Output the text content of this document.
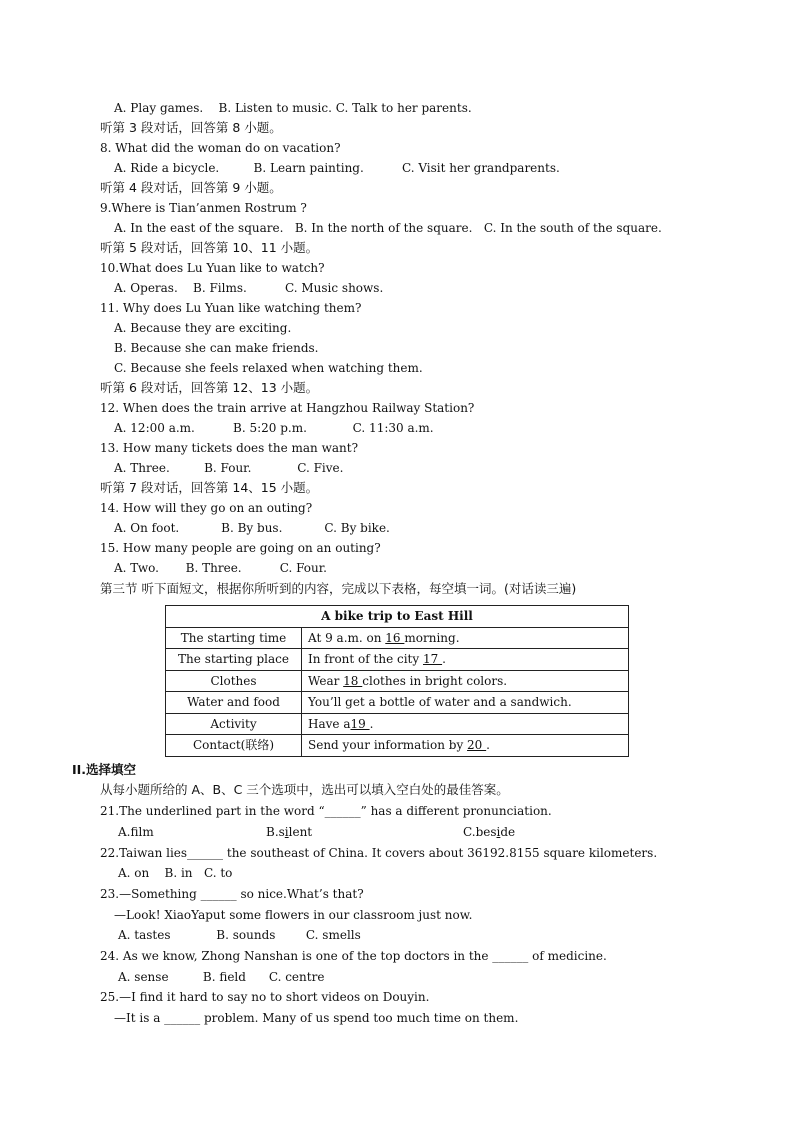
A. Play games.    B. Listen to music. C. Talk to her parents.
听第 3 段对话，回答第 8 小题。
8. What did the woman do on vacation?
A. Ride a bicycle.         B. Learn painting.          C. Visit her grandparents.
听第 4 段对话，回答第 9 小题。
9.Where is Tian’anmen Rostrum ?
A. In the east of the square.   B. In the north of the square.   C. In the south of the square.
听第 5 段对话，回答第 10、11 小题。
10.What does Lu Yuan like to watch?
A. Operas.    B. Films.          C. Music shows.
11. Why does Lu Yuan like watching them?
A. Because they are exciting.
B. Because she can make friends.
C. Because she feels relaxed when watching them.
听第 6 段对话，回答第 12、13 小题。
12. When does the train arrive at Hangzhou Railway Station?
A. 12:00 a.m.          B. 5:20 p.m.            C. 11:30 a.m.
13. How many tickets does the man want?
A. Three.         B. Four.            C. Five.
听第 7 段对话，回答第 14、15 小题。
14. How will they go on an outing?
A. On foot.           B. By bus.           C. By bike.
15. How many people are going on an outing?
A. Two.       B. Three.          C. Four.
第三节 听下面短文，根据你所听到的内容，完成以下表格，每空填一词。(对话读三遍)
A bike trip to East Hill	
The starting time	At 9 a.m. on 16 morning.
The starting place	In front of the city 17 .
Clothes	Wear 18 clothes in bright colors.
Water and food	You’ll get a bottle of water and a sandwich.
Activity	Have a19 .
Contact(联络)	Send your information by 20 .
II.选择填空
从每小题所给的 A、B、C 三个选项中，选出可以填入空白处的最佳答案。
21.The underlined part in the word “______” has a different pronunciation.
A.flm	B.silent	C.beside
22.Taiwan lies______ the southeast of China. It covers about 36192.8155 square kilometers.
A. on    B. in   C. to
23.—Something ______ so nice.What’s that?
—Look! XiaoYaput some flowers in our classroom just now.
A. tastes            B. sounds        C. smells
24. As we know, Zhong Nanshan is one of the top doctors in the ______ of medicine.
A. sense         B. field      C. centre
25.—I find it hard to say no to short videos on Douyin.
—It is a ______ problem. Many of us spend too much time on them.
